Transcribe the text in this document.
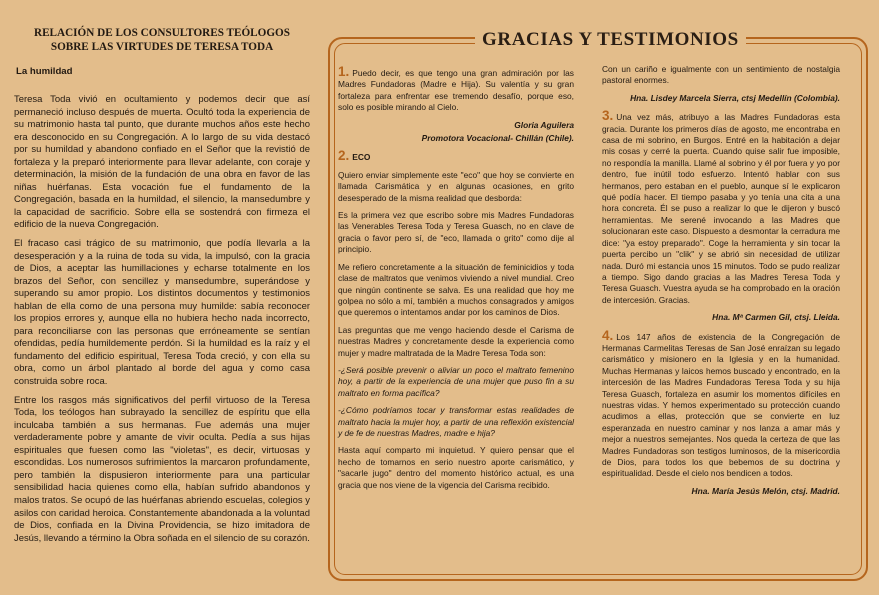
RELACIÓN DE LOS CONSULTORES TEÓLOGOS
SOBRE LAS VIRTUDES DE TERESA TODA
La humildad

Teresa Toda vivió en ocultamiento y podemos decir que así permaneció incluso después de muerta. Ocultó toda la experiencia de su matrimonio hasta tal punto, que durante muchos años este hecho era desconocido en su Congregación. A lo largo de su vida destacó por su humildad y abandono confiado en el Señor que la revistió de fortaleza y la preparó interiormente para llevar adelante, con coraje y determinación, la misión de la fundación de una obra en favor de las niñas huérfanas. Esta vocación fue el fundamento de la Congregación, basada en la humildad, el silencio, la mansedumbre y la capacidad de sacrificio. Sobre ella se sostendrá con firmeza el edificio de la nueva Congregación.

El fracaso casi trágico de su matrimonio, que podía llevarla a la desesperación y a la ruina de toda su vida, la impulsó, con la gracia de Dios, a aceptar las humillaciones y echarse totalmente en los brazos del Señor, con sencillez y mansedumbre, superándose y superando su amor propio. Los distintos documentos y testimonios hablan de ella como de una persona muy humilde: sabía reconocer los propios errores y, aunque ella no hubiera hecho nada incorrecto, para reconciliarse con las personas que erróneamente se sentían ofendidas, pedía humildemente perdón. Si la humildad es la raíz y el fundamento del edificio espiritual, Teresa Toda creció, y con ella su obra, como un árbol plantado al borde del agua y como casa construida sobre roca.

Entre los rasgos más significativos del perfil virtuoso de la Teresa Toda, los teólogos han subrayado la sencillez de espíritu que ella inculcaba también a sus hermanas. Fue además una mujer verdaderamente pobre y amante de vivir oculta. Pedía a sus hijas espirituales que fuesen como las "violetas", es decir, virtuosas y escondidas. Los numerosos sufrimientos la marcaron profundamente, pero también la dispusieron interiormente para una particular sensibilidad hacia quienes como ella, habían sufrido abandonos y malos tratos. Se ocupó de las huérfanas abriendo escuelas, colegios y asilos con caridad heroica. Constantemente abandonada a la voluntad de Dios, confiada en la Divina Providencia, se hizo imitadora de Jesús, llevando a término la Obra soñada en el silencio de su corazón.

GRACIAS Y TESTIMONIOS

1. Puedo decir, es que tengo una gran admiración por las Madres Fundadoras (Madre e Hija). Su valentía y su gran fortaleza para enfrentar ese tremendo desafío, porque eso, solo es posible mirando al Cielo.

Gloria Aguilera

Promotora Vocacional- Chillán (Chile).

2. ECO

Quiero enviar simplemente este "eco" que hoy se convierte en llamada Carismática y en algunas ocasiones, en grito desesperado de la misma realidad que desborda:

Es la primera vez que escribo sobre mis Madres Fundadoras las Venerables Teresa Toda y Teresa Guasch, no en clave de gracia o favor pero sí, de "eco, llamada o grito" como dije al principio.

Me refiero concretamente a la situación de feminicidios y toda clase de maltratos que venimos viviendo a nivel mundial. Creo que ningún continente se salva. Es una realidad que hoy me golpea no sólo a mí, también a muchos consagrados y amigos que queremos o intentamos andar por los caminos de Dios.

Las preguntas que me vengo haciendo desde el Carisma de nuestras Madres y concretamente desde la experiencia como mujer y madre maltratada de la Madre Teresa Toda son:

-¿Será posible prevenir o aliviar un poco el maltrato femenino hoy, a partir de la experiencia de una mujer que puso fin a su maltrato en forma pacífica?

-¿Cómo podríamos tocar y transformar estas realidades de maltrato hacia la mujer hoy, a partir de una reflexión existencial y de fe de nuestras Madres, madre e hija?

Hasta aquí comparto mi inquietud. Y quiero pensar que el hecho de tomarnos en serio nuestro aporte carismático, y "sacarle jugo" dentro del momento histórico actual, es una gracia que nos viene de la vigencia del Carisma recibido.

Con un cariño e igualmente con un sentimiento de nostalgia pastoral enormes.

Hna. Lisdey Marcela Sierra, ctsj Medellín (Colombia).

3. Una vez más, atribuyo a las Madres Fundadoras esta gracia. Durante los primeros días de agosto, me encontraba en casa de mi sobrino, en Burgos. Entré en la habitación a dejar mis cosas y cerré la puerta. Cuando quise salir fue imposible, no respondía la manilla. Llamé al sobrino y él por fuera y yo por dentro, fue inútil todo esfuerzo. Intentó hablar con sus hermanos, pero estaban en el pueblo, aunque sí le explicaron qué podía hacer. El tiempo pasaba y yo tenía una cita a una hora concreta. Él se puso a realizar lo que le dijeron y buscó herramientas. Me serené invocando a las Madres que solucionaran este caso. Dispuesto a desmontar la cerradura me dice: "ya estoy preparado". Coge la herramienta y sin tocar la puerta percibo un "clik" y se abrió sin necesidad de utilizar nada. Duró mi estancia unos 15 minutos. Todo se pudo realizar a tiempo. Sigo dando gracias a las Madres Teresa Toda y Teresa Guasch. Vuestra ayuda se ha comprobado en la oración de intercesión. Gracias.

Hna. Mª Carmen Gil, ctsj. Lleida.

4. Los 147 años de existencia de la Congregación de Hermanas Carmelitas Teresas de San José enraízan su legado carismático y misionero en la Iglesia y en la humanidad. Muchas Hermanas y laicos hemos buscado y encontrado, en la intercesión de las Madres Fundadoras Teresa Toda y su hija Teresa Guasch, fortaleza en asumir los momentos difíciles en nuestras vidas. Y hemos experimentado su protección cuando acudimos a ellas, protección que se convierte en luz esperanzada en nuestro caminar y nos lanza a amar más y mejor a nuestros semejantes. Nos queda la certeza de que las Madres Fundadoras son testigos luminosos, de la misericordia de Dios, para todos los que bebemos de su doctrina y espiritualidad. Desde el cielo nos bendicen a todos.

Hna. María Jesús Melón, ctsj. Madrid.
